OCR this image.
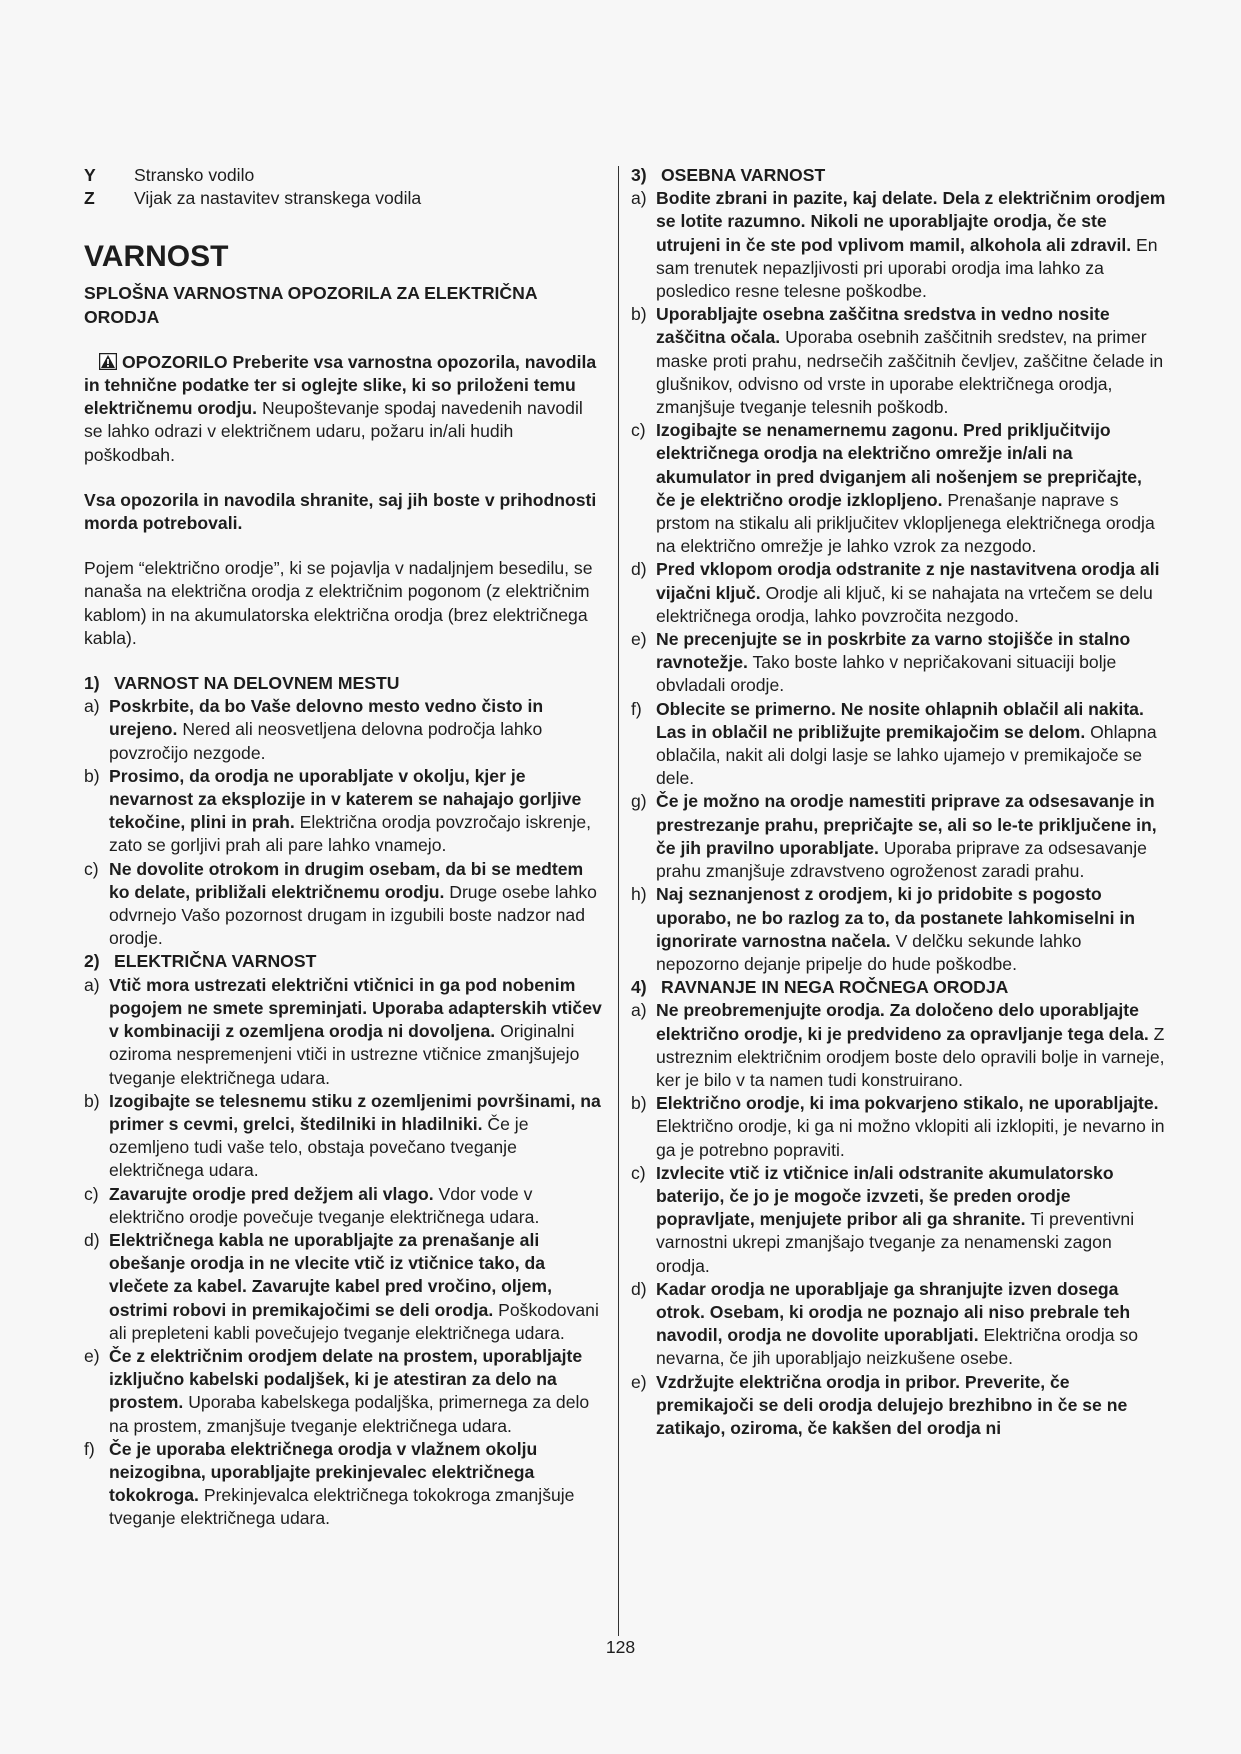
Y	Stransko vodilo
Z	Vijak za nastavitev stranskega vodila
VARNOST
SPLOŠNA VARNOSTNA OPOZORILA ZA ELEKTRIČNA ORODJA

OPOZORILO Preberite vsa varnostna opozorila, navodila in tehnične podatke ter si oglejte slike, ki so priloženi temu električnemu orodju. Neupoštevanje spodaj navedenih navodil se lahko odrazi v električnem udaru, požaru in/ali hudih poškodbah.

Vsa opozorila in navodila shranite, saj jih boste v prihodnosti morda potrebovali.

Pojem “električno orodje”, ki se pojavlja v nadaljnjem besedilu, se nanaša na električna orodja z električnim pogonom (z električnim kablom) in na akumulatorska električna orodja (brez električnega kabla).

1) VARNOST NA DELOVNEM MESTU
a) Poskrbite, da bo Vaše delovno mesto vedno čisto in urejeno. Nered ali neosvetljena delovna področja lahko povzročijo nezgode.
b) Prosimo, da orodja ne uporabljate v okolju, kjer je nevarnost za eksplozije in v katerem se nahajajo gorljive tekočine, plini in prah. Električna orodja povzročajo iskrenje, zato se gorljivi prah ali pare lahko vnamejo.
c) Ne dovolite otrokom in drugim osebam, da bi se medtem ko delate, približali električnemu orodju. Druge osebe lahko odvrnejo Vašo pozornost drugam in izgubili boste nadzor nad orodje.
2) ELEKTRIČNA VARNOST
a) Vtič mora ustrezati električni vtičnici in ga pod nobenim pogojem ne smete spreminjati. Uporaba adapterskih vtičev v kombinaciji z ozemljena orodja ni dovoljena. Originalni oziroma nespremenjeni vtiči in ustrezne vtičnice zmanjšujejo tveganje električnega udara.
b) Izogibajte se telesnemu stiku z ozemljenimi površinami, na primer s cevmi, grelci, štedilniki in hladilniki. Če je ozemljeno tudi vaše telo, obstaja povečano tveganje električnega udara.
c) Zavarujte orodje pred dežjem ali vlago. Vdor vode v električno orodje povečuje tveganje električnega udara.
d) Električnega kabla ne uporabljajte za prenašanje ali obešanje orodja in ne vlecite vtič iz vtičnice tako, da vlečete za kabel. Zavarujte kabel pred vročino, oljem, ostrimi robovi in premikajočimi se deli orodja. Poškodovani ali prepleteni kabli povečujejo tveganje električnega udara.
e) Če z električnim orodjem delate na prostem, uporabljajte izključno kabelski podaljšek, ki je atestiran za delo na prostem. Uporaba kabelskega podaljška, primernega za delo na prostem, zmanjšuje tveganje električnega udara.
f) Če je uporaba električnega orodja v vlažnem okolju neizogibna, uporabljajte prekinjevalec električnega tokokroga. Prekinjevalca električnega tokokroga zmanjšuje tveganje električnega udara.
3) OSEBNA VARNOST
a) Bodite zbrani in pazite, kaj delate. Dela z električnim orodjem se lotite razumno. Nikoli ne uporabljajte orodja, če ste utrujeni in če ste pod vplivom mamil, alkohola ali zdravil. En sam trenutek nepazljivosti pri uporabi orodja ima lahko za posledico resne telesne poškodbe.
b) Uporabljajte osebna zaščitna sredstva in vedno nosite zaščitna očala. Uporaba osebnih zaščitnih sredstev, na primer maske proti prahu, nedrsečih zaščitnih čevljev, zaščitne čelade in glušnikov, odvisno od vrste in uporabe električnega orodja, zmanjšuje tveganje telesnih poškodb.
c) Izogibajte se nenamernemu zagonu. Pred priključitvijo električnega orodja na električno omrežje in/ali na akumulator in pred dviganjem ali nošenjem se prepričajte, če je električno orodje izklopljeno. Prenašanje naprave s prstom na stikalu ali priključitev vklopljenega električnega orodja na električno omrežje je lahko vzrok za nezgodo.
d) Pred vklopom orodja odstranite z nje nastavitvena orodja ali vijačni ključ. Orodje ali ključ, ki se nahajata na vrtečem se delu električnega orodja, lahko povzročita nezgodo.
e) Ne precenjujte se in poskrbite za varno stojišče in stalno ravnotežje. Tako boste lahko v nepričakovani situaciji bolje obvladali orodje.
f) Oblecite se primerno. Ne nosite ohlapnih oblačil ali nakita. Las in oblačil ne približujte premikajočim se delom. Ohlapna oblačila, nakit ali dolgi lasje se lahko ujamejo v premikajoče se dele.
g) Če je možno na orodje namestiti priprave za odsesavanje in prestrezanje prahu, prepričajte se, ali so le-te priključene in, če jih pravilno uporabljate. Uporaba priprave za odsesavanje prahu zmanjšuje zdravstveno ogroženost zaradi prahu.
h) Naj seznanjenost z orodjem, ki jo pridobite s pogosto uporabo, ne bo razlog za to, da postanete lahkomiselni in ignorirate varnostna načela. V delčku sekunde lahko nepozorno dejanje pripelje do hude poškodbe.
4) RAVNANJE IN NEGA ROČNEGA ORODJA
a) Ne preobremenjujte orodja. Za določeno delo uporabljajte električno orodje, ki je predvideno za opravljanje tega dela. Z ustreznim električnim orodjem boste delo opravili bolje in varneje, ker je bilo v ta namen tudi konstruirano.
b) Električno orodje, ki ima pokvarjeno stikalo, ne uporabljajte. Električno orodje, ki ga ni možno vklopiti ali izklopiti, je nevarno in ga je potrebno popraviti.
c) Izvlecite vtič iz vtičnice in/ali odstranite akumulatorsko baterijo, če jo je mogoče izvzeti, še preden orodje popravljate, menjujete pribor ali ga shranite. Ti preventivni varnostni ukrepi zmanjšajo tveganje za nenamenski zagon orodja.
d) Kadar orodja ne uporabljaje ga shranjujte izven dosega otrok. Osebam, ki orodja ne poznajo ali niso prebrale teh navodil, orodja ne dovolite uporabljati. Električna orodja so nevarna, če jih uporabljajo neizkušene osebe.
e) Vzdržujte električna orodja in pribor. Preverite, če premikajoči se deli orodja delujejo brezhibno in če se ne zatikajo, oziroma, če kakšen del orodja ni
128
